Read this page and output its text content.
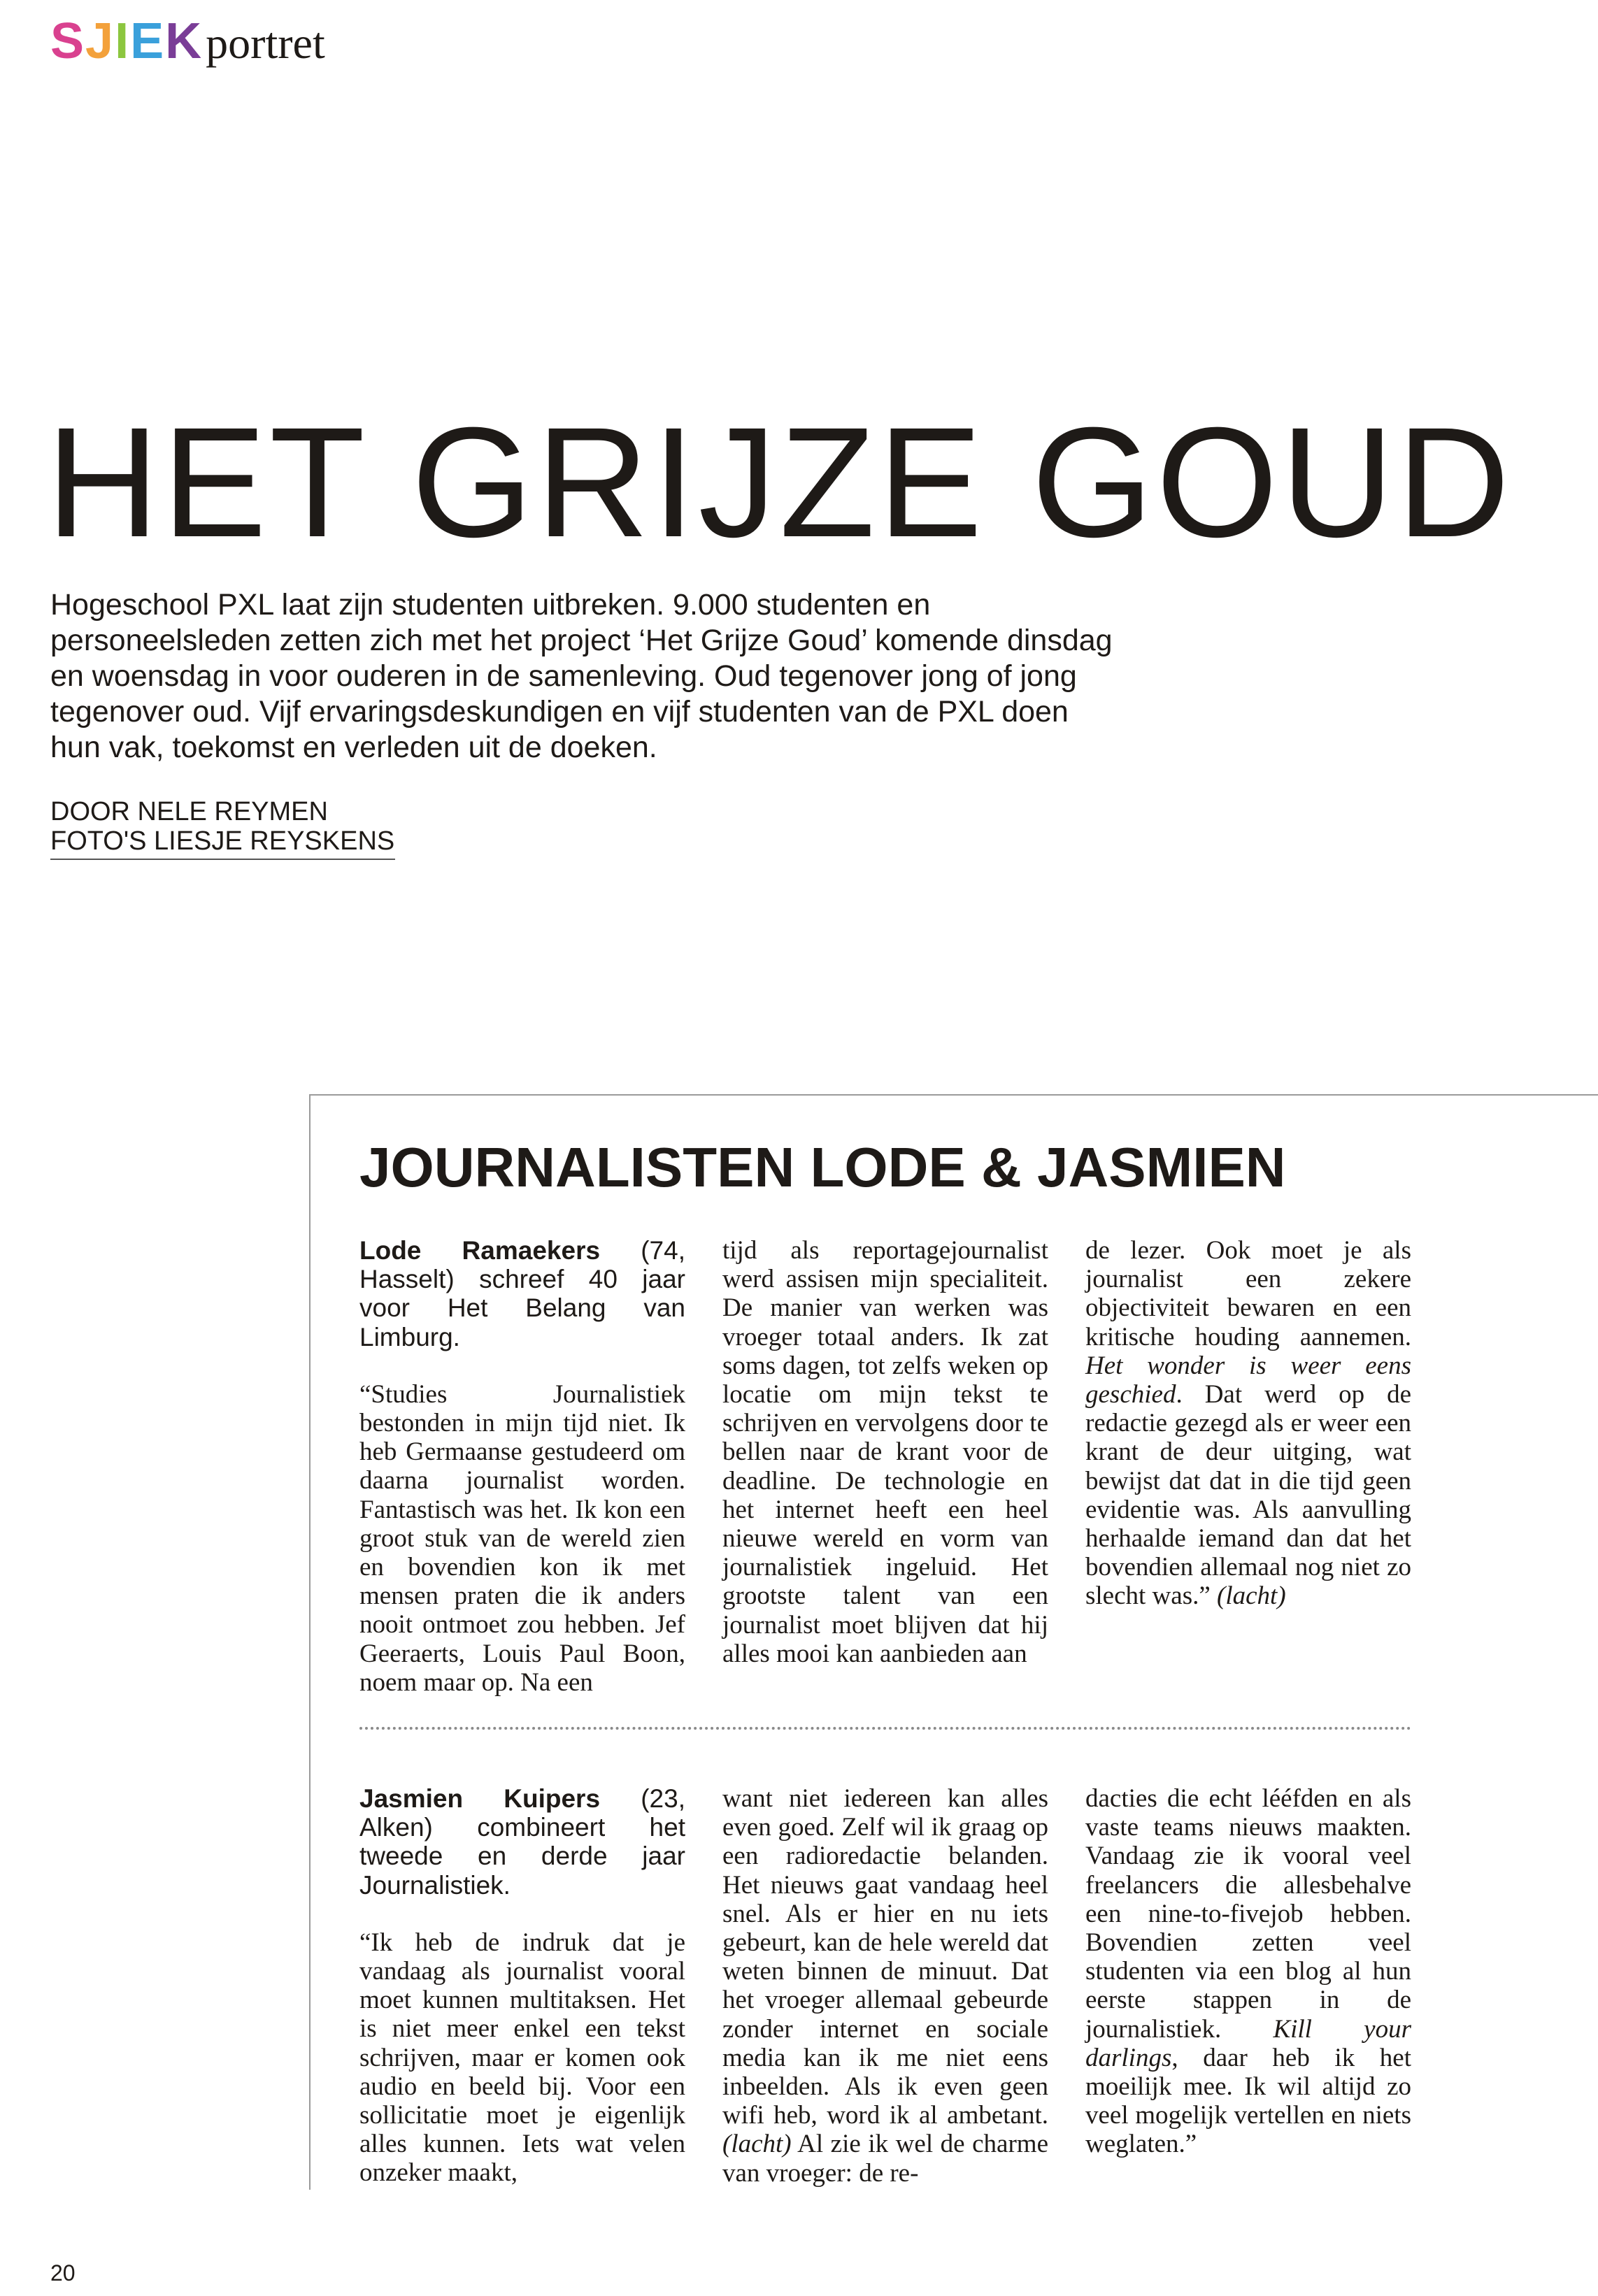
SJIEKportret
HET GRIJZE GOUD

Hogeschool PXL laat zijn studenten uitbreken. 9.000 studenten en personeelsleden zetten zich met het project ‘Het Grijze Goud’ komende dinsdag en woensdag in voor ouderen in de samenleving. Oud tegenover jong of jong tegenover oud. Vijf ervaringsdeskundigen en vijf studenten van de PXL doen hun vak, toekomst en verleden uit de doeken.

DOOR NELE REYMEN
FOTO'S LIESJE REYSKENS
JOURNALISTEN LODE & JASMIEN

Lode Ramaekers (74, Hasselt) schreef 40 jaar voor Het Belang van Limburg.

“Studies Journalistiek bestonden in mijn tijd niet. Ik heb Germaanse gestudeerd om daarna journalist worden. Fantastisch was het. Ik kon een groot stuk van de wereld zien en bovendien kon ik met mensen praten die ik anders nooit ontmoet zou hebben. Jef Geeraerts, Louis Paul Boon, noem maar op. Na een

tijd als reportagejournalist werd assisen mijn specialiteit. De manier van werken was vroeger totaal anders. Ik zat soms dagen, tot zelfs weken op locatie om mijn tekst te schrijven en vervolgens door te bellen naar de krant voor de deadline. De technologie en het internet heeft een heel nieuwe wereld en vorm van journalistiek ingeluid. Het grootste talent van een journalist moet blijven dat hij alles mooi kan aanbieden aan

de lezer. Ook moet je als journalist een zekere objectiviteit bewaren en een kritische houding aannemen. Het wonder is weer eens geschied. Dat werd op de redactie gezegd als er weer een krant de deur uitging, wat bewijst dat dat in die tijd geen evidentie was. Als aanvulling herhaalde iemand dan dat het bovendien allemaal nog niet zo slecht was.” (lacht)

Jasmien Kuipers (23, Alken) combineert het tweede en derde jaar Journalistiek.

“Ik heb de indruk dat je vandaag als journalist vooral moet kunnen multitaksen. Het is niet meer enkel een tekst schrijven, maar er komen ook audio en beeld bij. Voor een sollicitatie moet je eigenlijk alles kunnen. Iets wat velen onzeker maakt,

want niet iedereen kan alles even goed. Zelf wil ik graag op een radioredactie belanden. Het nieuws gaat vandaag heel snel. Als er hier en nu iets gebeurt, kan de hele wereld dat weten binnen de minuut. Dat het vroeger allemaal gebeurde zonder internet en sociale media kan ik me niet eens inbeelden. Als ik even geen wifi heb, word ik al ambetant. (lacht) Al zie ik wel de charme van vroeger: de re-

dacties die echt lééfden en als vaste teams nieuws maakten. Vandaag zie ik vooral veel freelancers die allesbehalve een nine-to-fivejob hebben. Bovendien zetten veel studenten via een blog al hun eerste stappen in de journalistiek. Kill your darlings, daar heb ik het moeilijk mee. Ik wil altijd zo veel mogelijk vertellen en niets weglaten.”

20
